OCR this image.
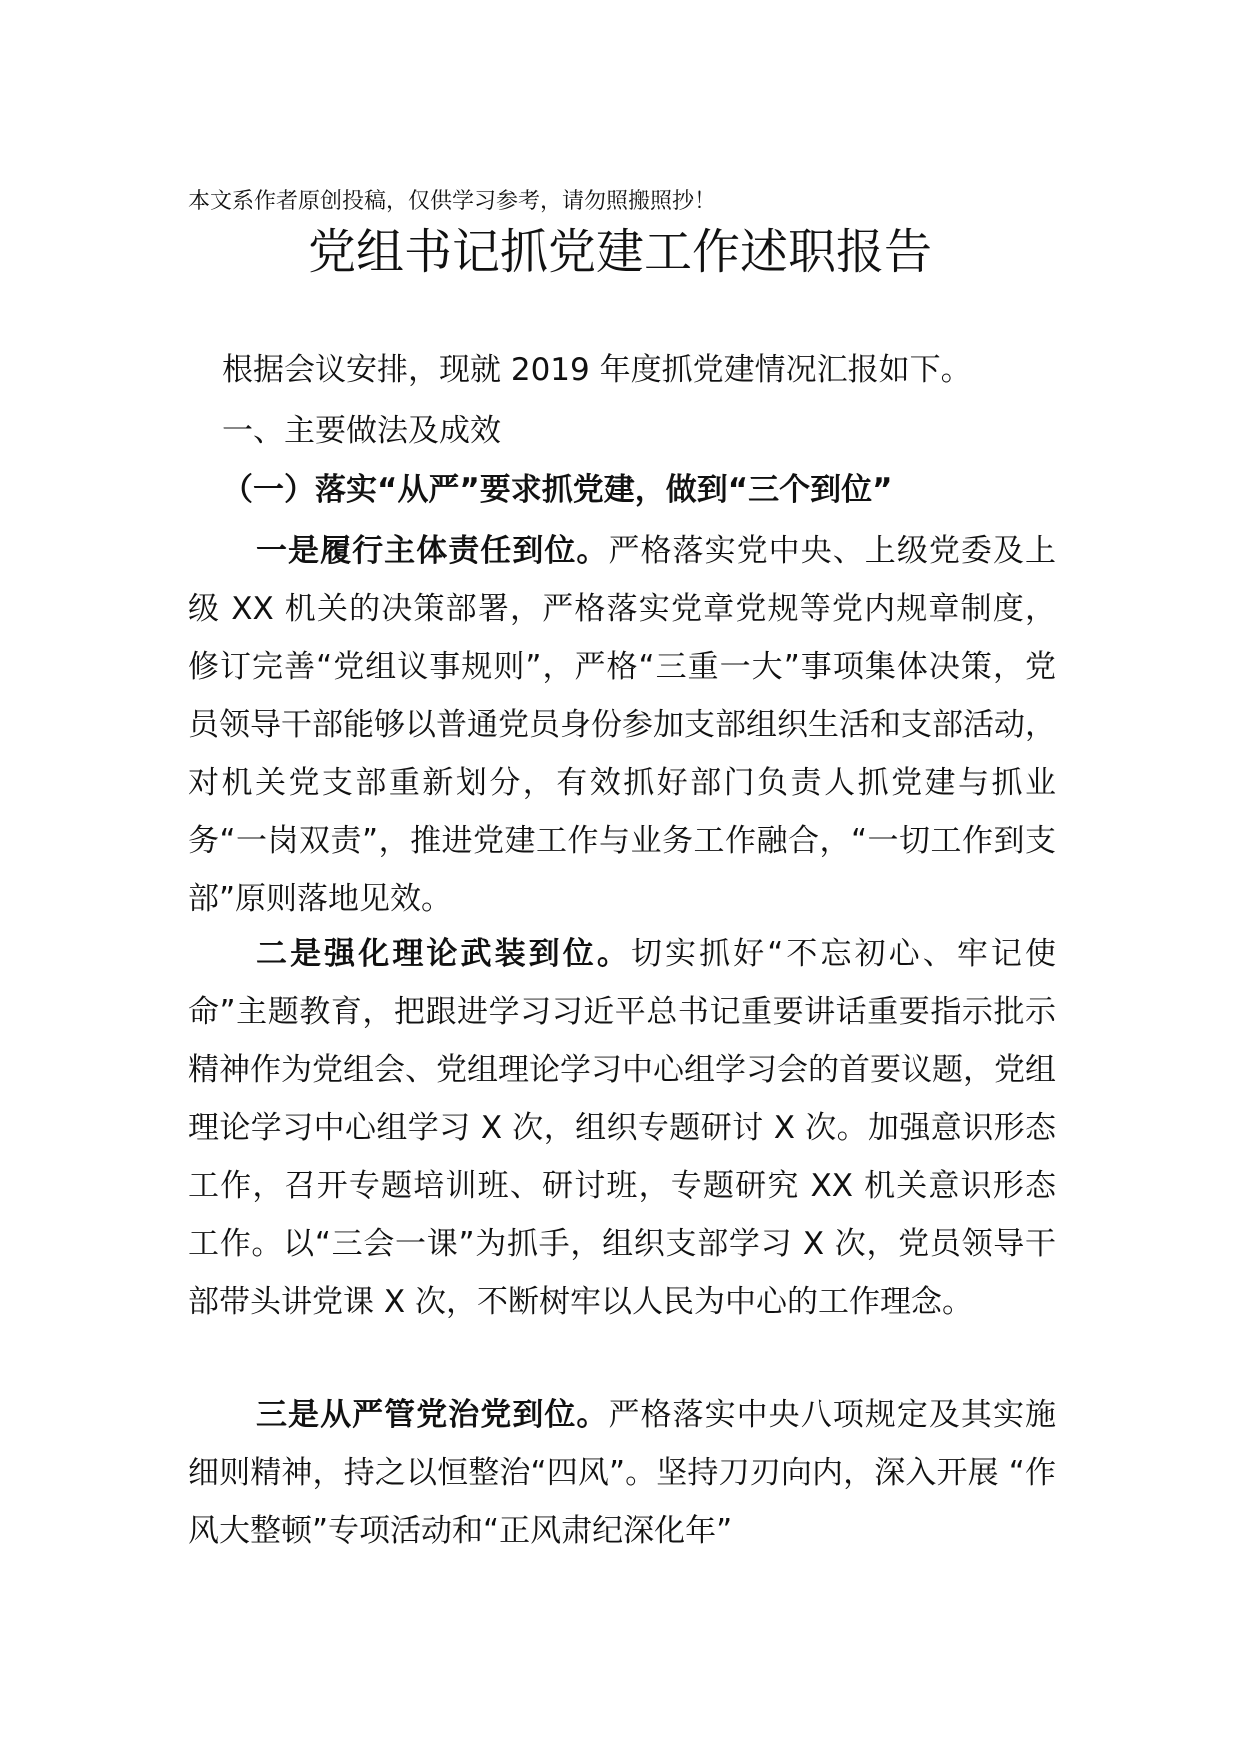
本文系作者原创投稿，仅供学习参考，请勿照搬照抄！
党组书记抓党建工作述职报告
根据会议安排，现就 2019 年度抓党建情况汇报如下。
一、主要做法及成效
（一）落实“从严”要求抓党建，做到“三个到位”

一是履行主体责任到位。严格落实党中央、上级党委及上级 XX 机关的决策部署，严格落实党章党规等党内规章制度，修订完善“党组议事规则”，严格“三重一大”事项集体决策，党员领导干部能够以普通党员身份参加支部组织生活和支部活动，对机关党支部重新划分，有效抓好部门负责人抓党建与抓业务“一岗双责”，推进党建工作与业务工作融合，“一切工作到支部”原则落地见效。

二是强化理论武装到位。切实抓好“不忘初心、牢记使命”主题教育，把跟进学习习近平总书记重要讲话重要指示批示精神作为党组会、党组理论学习中心组学习会的首要议题，党组理论学习中心组学习 X 次，组织专题研讨 X 次。加强意识形态工作，召开专题培训班、研讨班，专题研究 XX 机关意识形态工作。以“三会一课”为抓手，组织支部学习 X 次，党员领导干部带头讲党课 X 次，不断树牢以人民为中心的工作理念。

三是从严管党治党到位。严格落实中央八项规定及其实施细则精神，持之以恒整治“四风”。坚持刀刃向内，深入开展 “作风大整顿”专项活动和“正风肃纪深化年”
